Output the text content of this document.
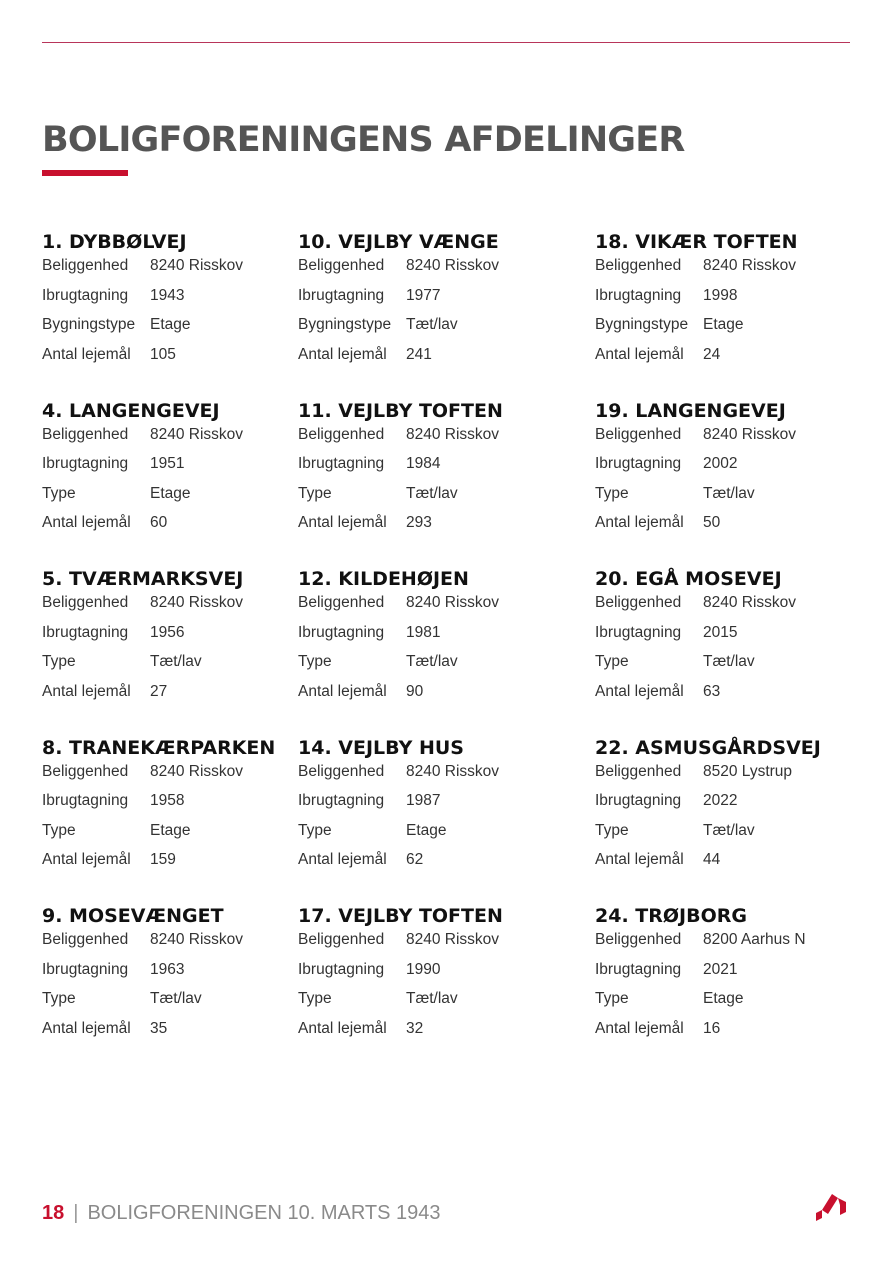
BOLIGFORENINGENS AFDELINGER
1. DYBBØLVEJ
Beliggenhed	8240 Risskov
Ibrugtagning	1943
Bygningstype Etage
Antal lejemål	105
4. LANGENGEVEJ
Beliggenhed	8240 Risskov
Ibrugtagning	1951
Type	Etage
Antal lejemål	60
5. TVÆRMARKSVEJ
Beliggenhed	8240 Risskov
Ibrugtagning	1956
Type	Tæt/lav
Antal lejemål	27
8. TRANEKÆRPARKEN
Beliggenhed	8240 Risskov
Ibrugtagning	1958
Type	Etage
Antal lejemål	159
9. MOSEVÆNGET
Beliggenhed	8240 Risskov
Ibrugtagning	1963
Type	Tæt/lav
Antal lejemål	35
10. VEJLBY VÆNGE
Beliggenhed	8240 Risskov
Ibrugtagning	1977
Bygningstype Tæt/lav
Antal lejemål	241
11. VEJLBY TOFTEN
Beliggenhed	8240 Risskov
Ibrugtagning	1984
Type	Tæt/lav
Antal lejemål	293
12. KILDEHØJEN
Beliggenhed	8240 Risskov
Ibrugtagning	1981
Type	Tæt/lav
Antal lejemål	90
14. VEJLBY HUS
Beliggenhed	8240 Risskov
Ibrugtagning	1987
Type	Etage
Antal lejemål	62
17. VEJLBY TOFTEN
Beliggenhed	8240 Risskov
Ibrugtagning	1990
Type	Tæt/lav
Antal lejemål	32
18. VIKÆR TOFTEN
Beliggenhed	8240 Risskov
Ibrugtagning	1998
Bygningstype Etage
Antal lejemål	24
19. LANGENGEVEJ
Beliggenhed	8240 Risskov
Ibrugtagning	2002
Type	Tæt/lav
Antal lejemål	50
20. EGÅ MOSEVEJ
Beliggenhed	8240 Risskov
Ibrugtagning	2015
Type	Tæt/lav
Antal lejemål	63
22. ASMUSGÅRDSVEJ
Beliggenhed	8520 Lystrup
Ibrugtagning	2022
Type	Tæt/lav
Antal lejemål	44
24. TRØJBORG
Beliggenhed	8200 Aarhus N
Ibrugtagning	2021
Type	Etage
Antal lejemål	16
18 | BOLIGFORENINGEN 10. MARTS 1943
